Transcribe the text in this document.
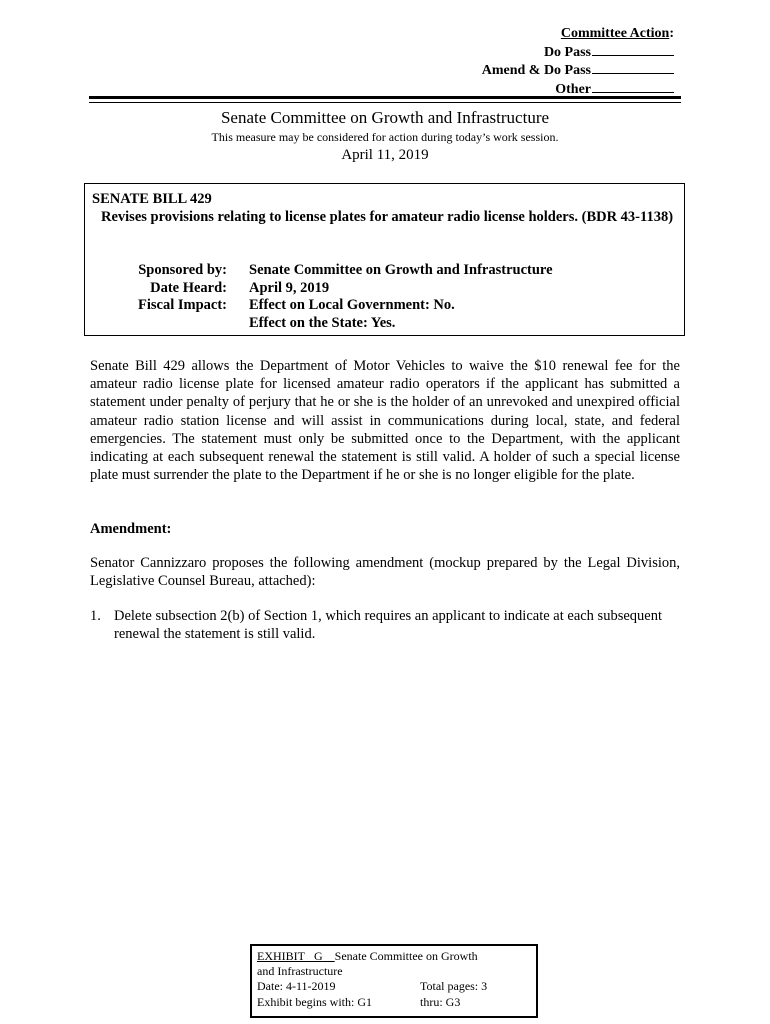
Committee Action:
Do Pass
Amend & Do Pass
Other
Senate Committee on Growth and Infrastructure
This measure may be considered for action during today’s work session.
April 11, 2019
SENATE BILL 429
Revises provisions relating to license plates for amateur radio license holders. (BDR 43-1138)
Sponsored by:
Date Heard:
Fiscal Impact:
Senate Committee on Growth and Infrastructure
April 9, 2019
Effect on Local Government: No.
Effect on the State: Yes.
Senate Bill 429 allows the Department of Motor Vehicles to waive the $10 renewal fee for the amateur radio license plate for licensed amateur radio operators if the applicant has submitted a statement under penalty of perjury that he or she is the holder of an unrevoked and unexpired official amateur radio station license and will assist in communications during local, state, and federal emergencies. The statement must only be submitted once to the Department, with the applicant indicating at each subsequent renewal the statement is still valid. A holder of such a special license plate must surrender the plate to the Department if he or she is no longer eligible for the plate.
Amendment:
Senator Cannizzaro proposes the following amendment (mockup prepared by the Legal Division, Legislative Counsel Bureau, attached):
1. Delete subsection 2(b) of Section 1, which requires an applicant to indicate at each subsequent renewal the statement is still valid.
EXHIBIT G Senate Committee on Growth
and Infrastructure
Date: 4-11-2019	Total pages: 3
Exhibit begins with: G1	thru: G3
